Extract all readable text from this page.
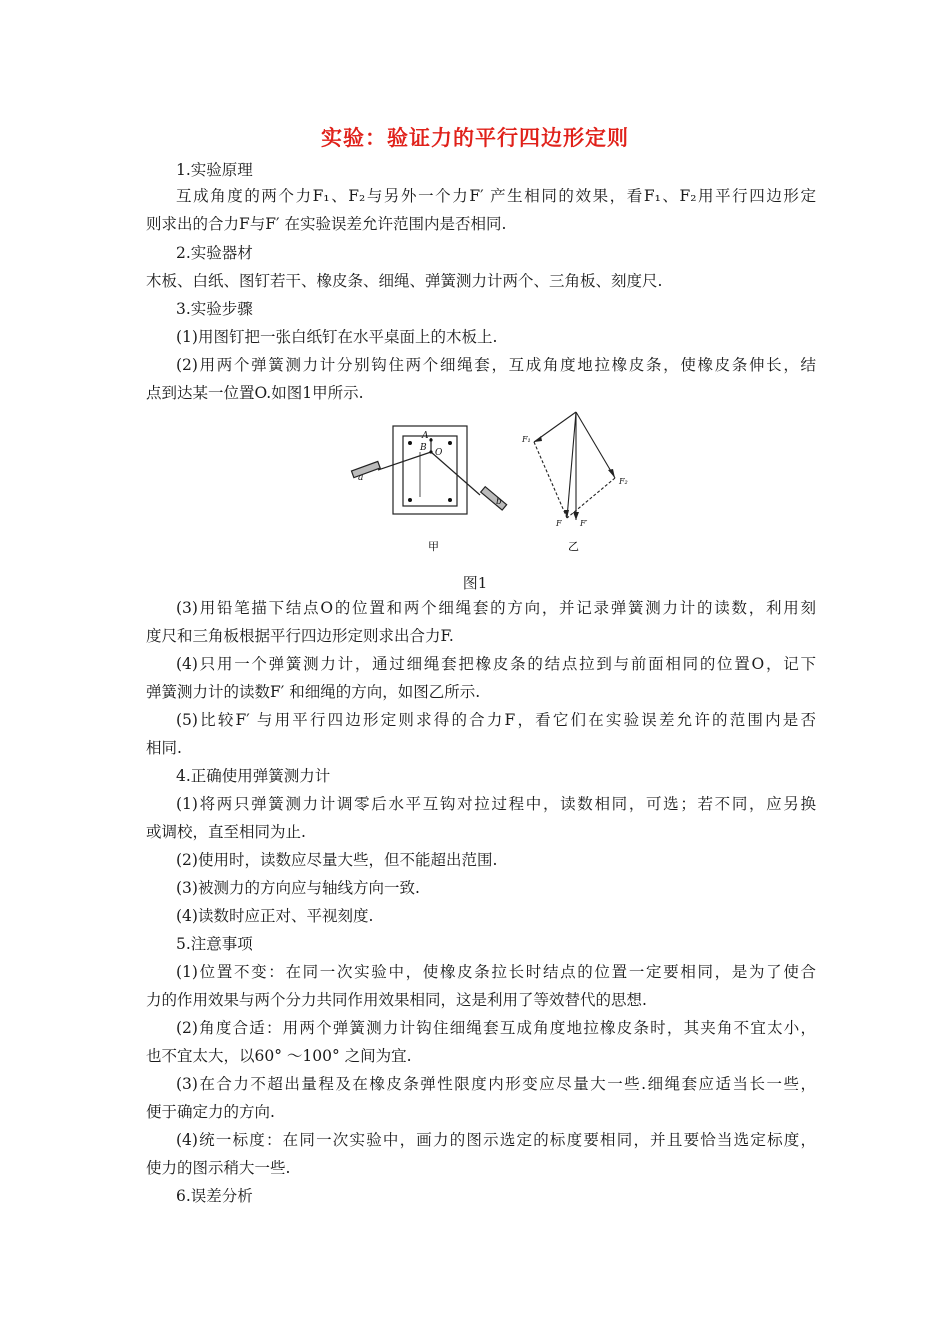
实验：验证力的平行四边形定则
1.实验原理
互成角度的两个力F₁、F₂与另外一个力F′ 产生相同的效果，看F₁、F₂用平行四边形定
则求出的合力F与F′ 在实验误差允许范围内是否相同.
2.实验器材
木板、白纸、图钉若干、橡皮条、细绳、弹簧测力计两个、三角板、刻度尺.
3.实验步骤
(1)用图钉把一张白纸钉在水平桌面上的木板上.
(2)用两个弹簧测力计分别钩住两个细绳套，互成角度地拉橡皮条，使橡皮条伸长，结
点到达某一位置O.如图1甲所示.
A
B O
a
b
甲
F₁
F₂
F F′
乙
图1
(3)用铅笔描下结点O的位置和两个细绳套的方向，并记录弹簧测力计的读数，利用刻
度尺和三角板根据平行四边形定则求出合力F.
(4)只用一个弹簧测力计，通过细绳套把橡皮条的结点拉到与前面相同的位置O，记下
弹簧测力计的读数F′ 和细绳的方向，如图乙所示.
(5)比较F′ 与用平行四边形定则求得的合力F，看它们在实验误差允许的范围内是否
相同.
4.正确使用弹簧测力计
(1)将两只弹簧测力计调零后水平互钩对拉过程中，读数相同，可选；若不同，应另换
或调校，直至相同为止.
(2)使用时，读数应尽量大些，但不能超出范围.
(3)被测力的方向应与轴线方向一致.
(4)读数时应正对、平视刻度.
5.注意事项
(1)位置不变：在同一次实验中，使橡皮条拉长时结点的位置一定要相同，是为了使合
力的作用效果与两个分力共同作用效果相同，这是利用了等效替代的思想.
(2)角度合适：用两个弹簧测力计钩住细绳套互成角度地拉橡皮条时，其夹角不宜太小，
也不宜太大，以60° ～100° 之间为宜.
(3)在合力不超出量程及在橡皮条弹性限度内形变应尽量大一些.细绳套应适当长一些，
便于确定力的方向.
(4)统一标度：在同一次实验中，画力的图示选定的标度要相同，并且要恰当选定标度，
使力的图示稍大一些.
6.误差分析
